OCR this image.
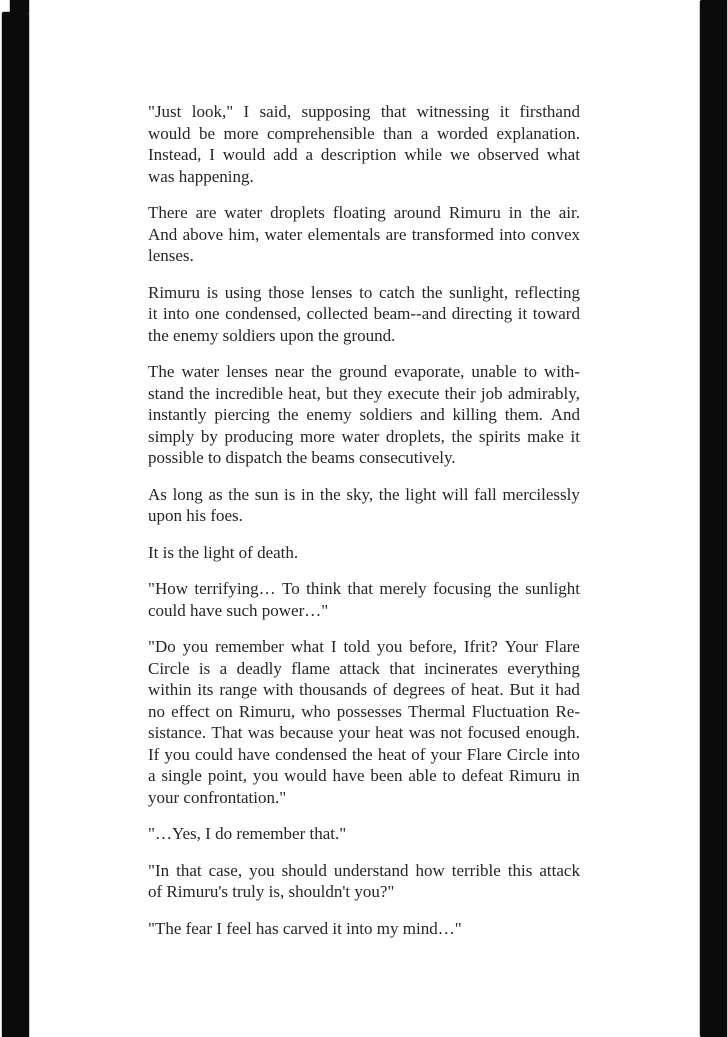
"Just look," I said, supposing that witnessing it firsthand
would be more comprehensible than a worded explanation.
Instead, I would add a description while we observed what
was happening.

There are water droplets floating around Rimuru in the air.
And above him, water elementals are transformed into convex
lenses.

Rimuru is using those lenses to catch the sunlight, reflecting
it into one condensed, collected beam--and directing it toward
the enemy soldiers upon the ground.

The water lenses near the ground evaporate, unable to with-
stand the incredible heat, but they execute their job admirably,
instantly piercing the enemy soldiers and killing them. And
simply by producing more water droplets, the spirits make it
possible to dispatch the beams consecutively.

As long as the sun is in the sky, the light will fall mercilessly
upon his foes.

It is the light of death.

"How terrifying… To think that merely focusing the sunlight
could have such power…"

"Do you remember what I told you before, Ifrit? Your Flare
Circle is a deadly flame attack that incinerates everything
within its range with thousands of degrees of heat. But it had
no effect on Rimuru, who possesses Thermal Fluctuation Re-
sistance. That was because your heat was not focused enough.
If you could have condensed the heat of your Flare Circle into
a single point, you would have been able to defeat Rimuru in
your confrontation."

"…Yes, I do remember that."

"In that case, you should understand how terrible this attack
of Rimuru's truly is, shouldn't you?"

"The fear I feel has carved it into my mind…"
